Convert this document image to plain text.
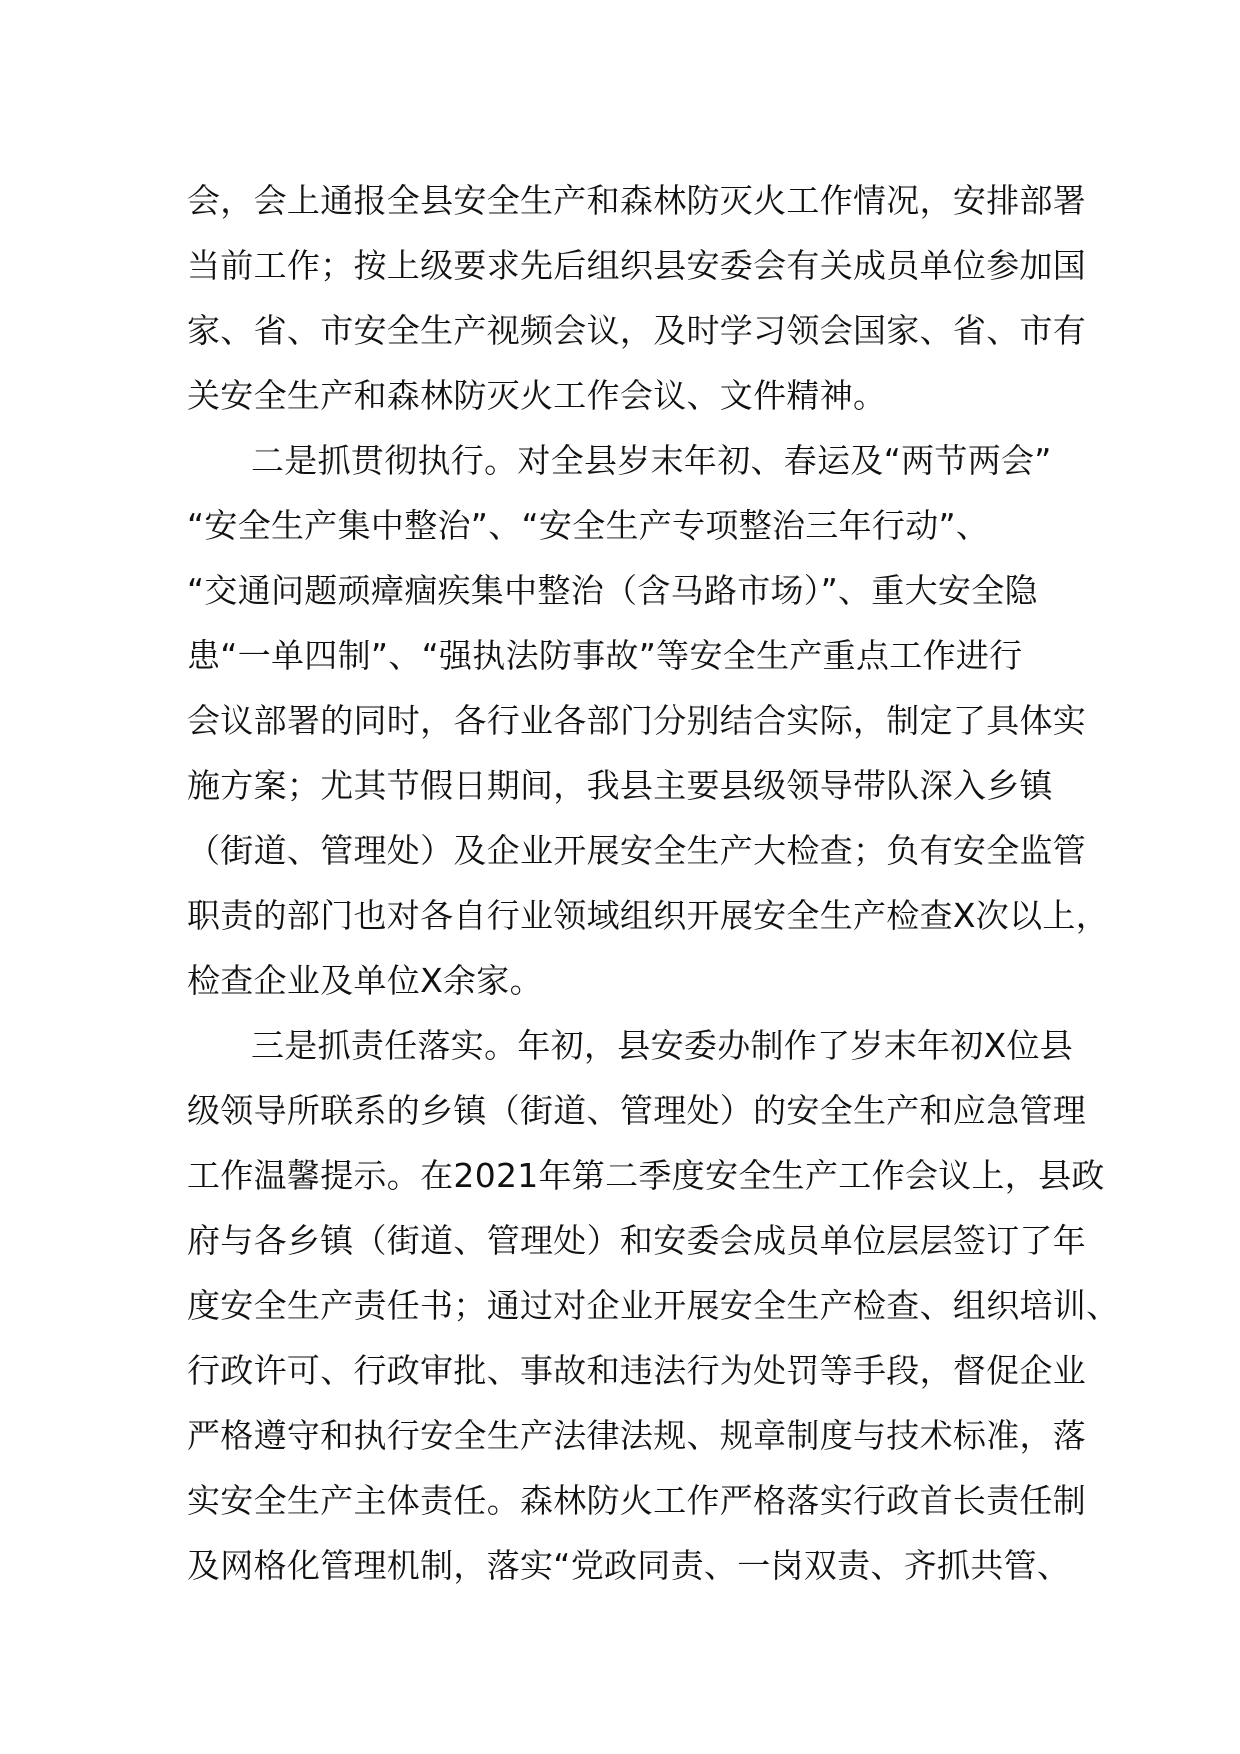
会，会上通报全县安全生产和森林防灭火工作情况，安排部署
当前工作；按上级要求先后组织县安委会有关成员单位参加国
家、省、市安全生产视频会议，及时学习领会国家、省、市有
关安全生产和森林防灭火工作会议、文件精神。
二是抓贯彻执行。对全县岁末年初、春运及“两节两会”
“安全生产集中整治”、“安全生产专项整治三年行动”、
“交通问题顽瘴痼疾集中整治（含马路市场）”、重大安全隐
患“一单四制”、“强执法防事故”等安全生产重点工作进行
会议部署的同时，各行业各部门分别结合实际，制定了具体实
施方案；尤其节假日期间，我县主要县级领导带队深入乡镇
（街道、管理处）及企业开展安全生产大检查；负有安全监管
职责的部门也对各自行业领域组织开展安全生产检查X次以上，
检查企业及单位X余家。
三是抓责任落实。年初，县安委办制作了岁末年初X位县
级领导所联系的乡镇（街道、管理处）的安全生产和应急管理
工作温馨提示。在2021年第二季度安全生产工作会议上，县政
府与各乡镇（街道、管理处）和安委会成员单位层层签订了年
度安全生产责任书；通过对企业开展安全生产检查、组织培训、
行政许可、行政审批、事故和违法行为处罚等手段，督促企业
严格遵守和执行安全生产法律法规、规章制度与技术标准，落
实安全生产主体责任。森林防火工作严格落实行政首长责任制
及网格化管理机制，落实“党政同责、一岗双责、齐抓共管、
